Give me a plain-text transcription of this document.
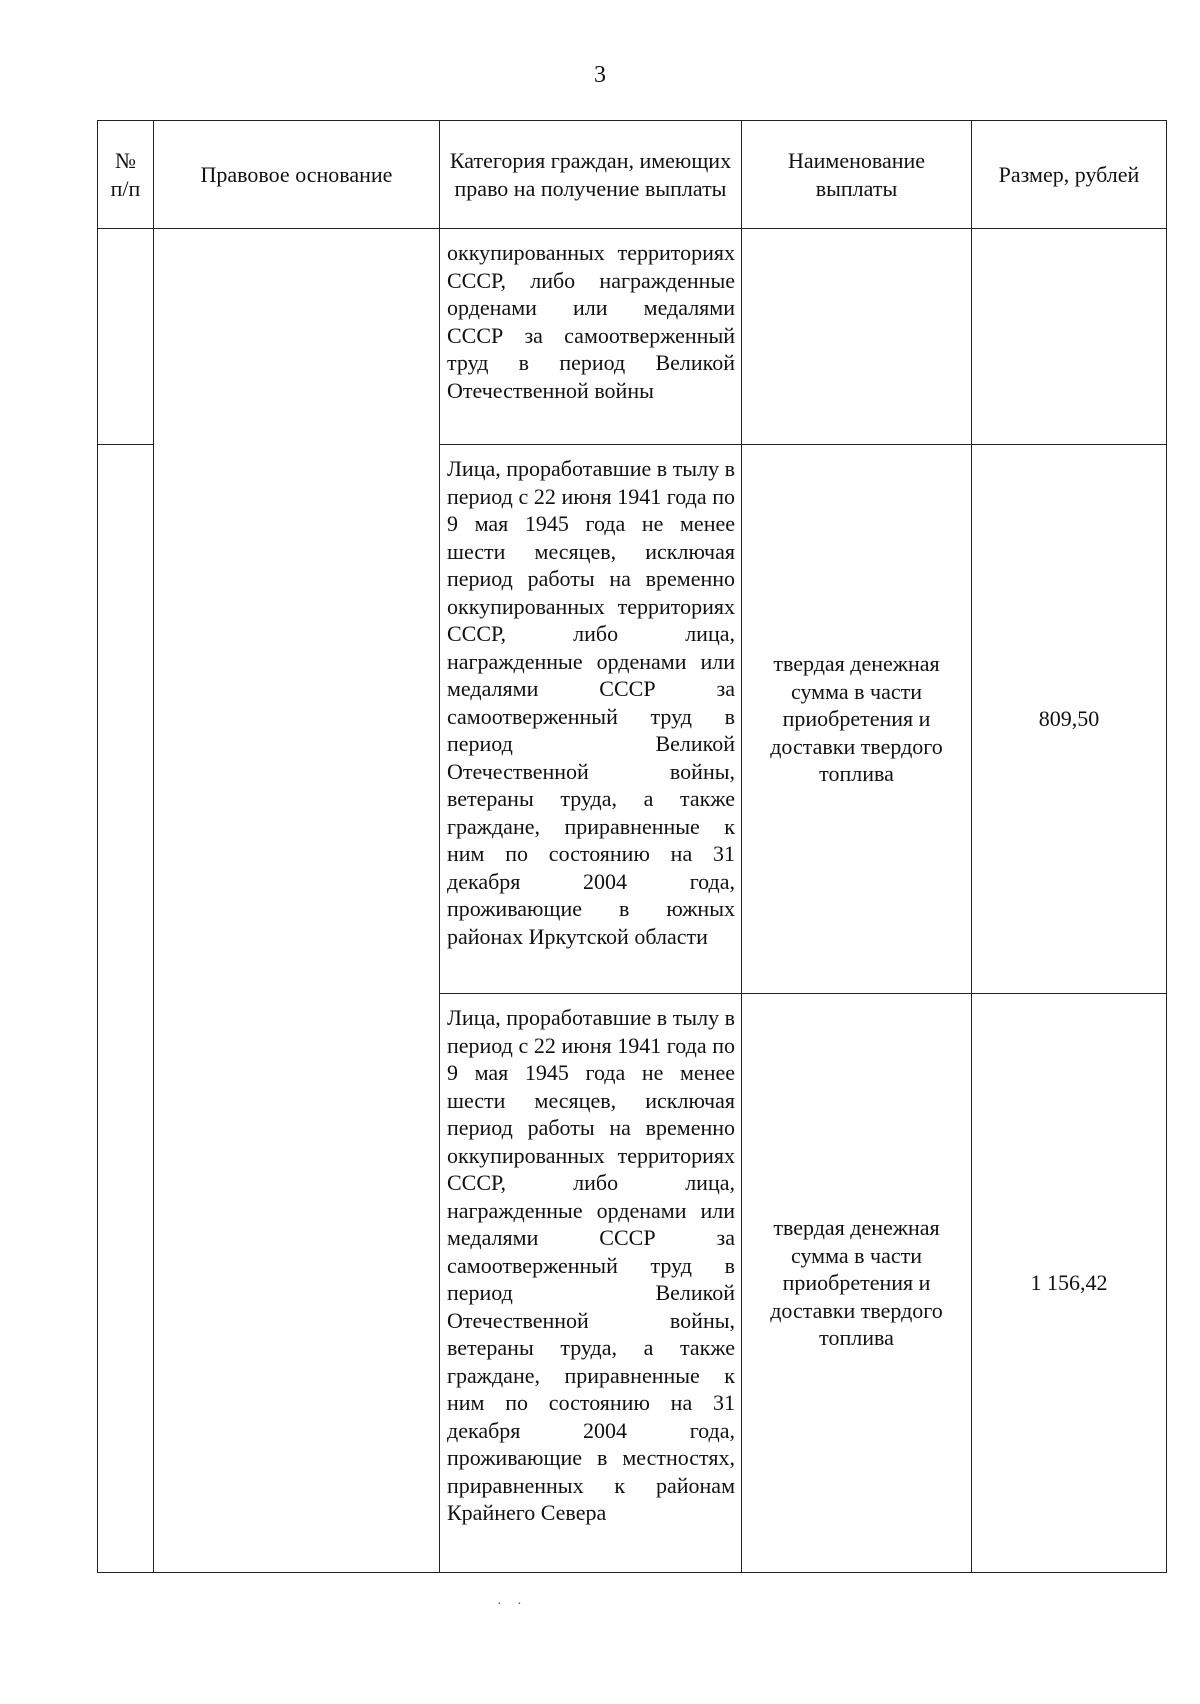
3
№ п/п	Правовое основание	Категория граждан, имеющих право на получение выплаты	Наименование выплаты	Размер, рублей

		оккупированных территориях СССР, либо награжденные орденами или медалями СССР за самоотверженный труд в период Великой Отечественной войны		

		Лица, проработавшие в тылу в период с 22 июня 1941 года по 9 мая 1945 года не менее шести месяцев, исключая период работы на временно оккупированных территориях СССР, либо лица, награжденные орденами или медалями СССР за самоотверженный труд в период Великой Отечественной войны, ветераны труда, а также граждане, приравненные к ним по состоянию на 31 декабря 2004 года, проживающие в южных районах Иркутской области	твердая денежная сумма в части приобретения и доставки твердого топлива	809,50

		Лица, проработавшие в тылу в период с 22 июня 1941 года по 9 мая 1945 года не менее шести месяцев, исключая период работы на временно оккупированных территориях СССР, либо лица, награжденные орденами или медалями СССР за самоотверженный труд в период Великой Отечественной войны, ветераны труда, а также граждане, приравненные к ним по состоянию на 31 декабря 2004 года, проживающие в местностях, приравненных к районам Крайнего Севера	твердая денежная сумма в части приобретения и доставки твердого топлива	1 156,42
· ·
